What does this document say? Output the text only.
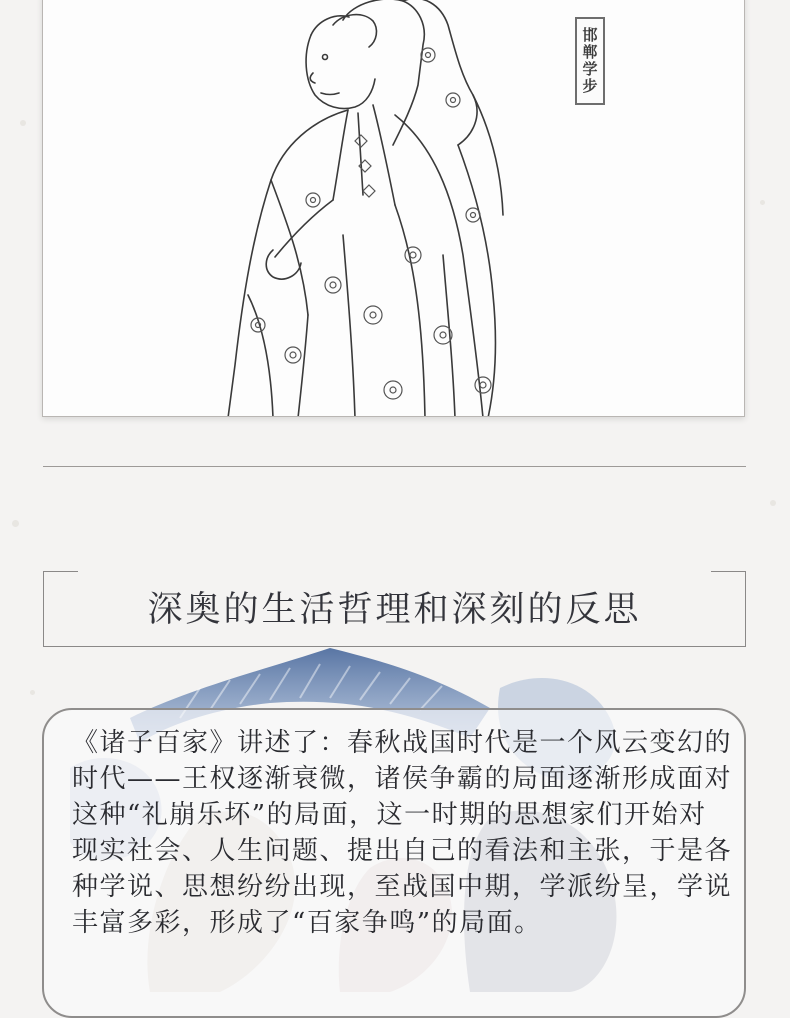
邯郸学步
深奥的生活哲理和深刻的反思

《诸子百家》讲述了：春秋战国时代是一个风云变幻的时代——王权逐渐衰微，诸侯争霸的局面逐渐形成面对这种“礼崩乐坏”的局面，这一时期的思想家们开始对现实社会、人生问题、提出自己的看法和主张，于是各种学说、思想纷纷出现，至战国中期，学派纷呈，学说丰富多彩，形成了“百家争鸣”的局面。
